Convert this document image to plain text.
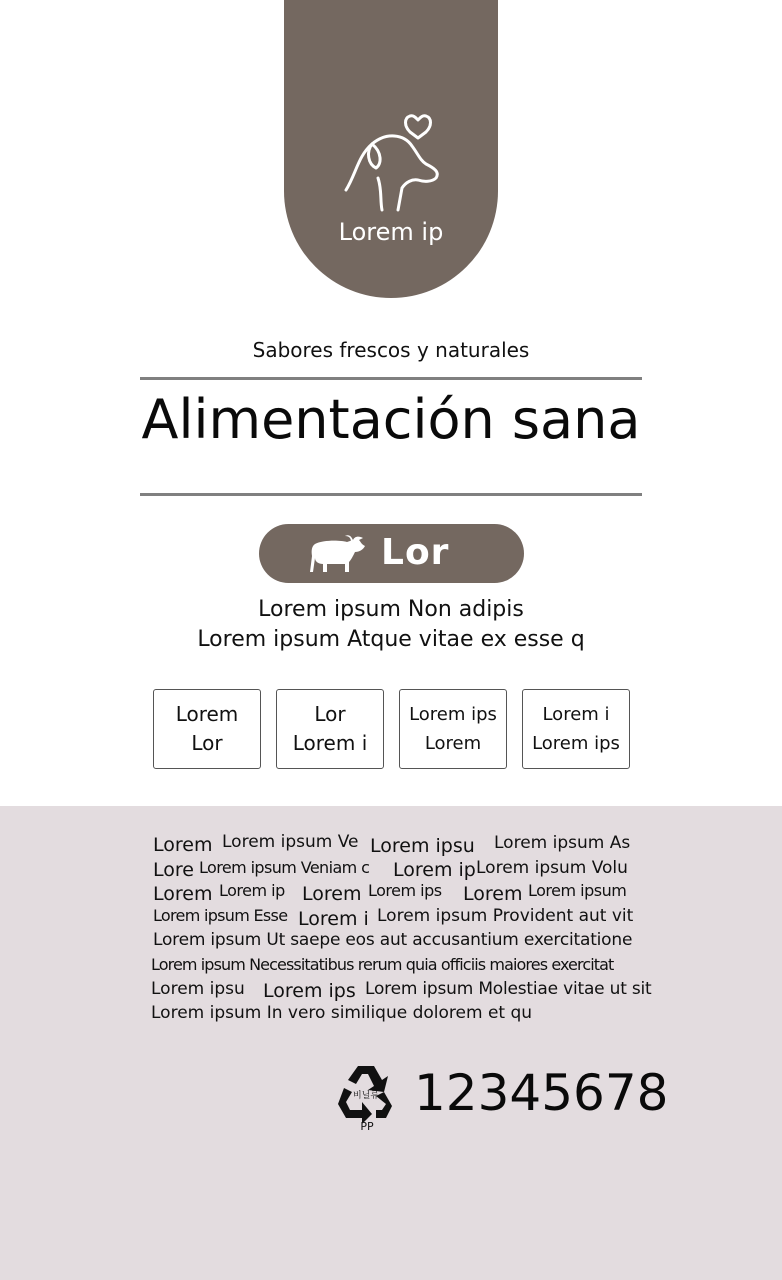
Lorem ip
Sabores frescos y naturales
Alimentación sana
Lor
Lorem ipsum Non adipis
Lorem ipsum Atque vitae ex esse q
Lorem
Lor
Lor
Lorem i
Lorem ips
Lorem
Lorem i
Lorem ips
Lorem Lorem ipsum Ve Lorem ipsu Lorem ipsum As
Lore Lorem ipsum Veniam c Lorem ip Lorem ipsum Volu
Lorem Lorem ip Lorem Lorem ips Lorem Lorem ipsum
Lorem ipsum Esse Lorem i Lorem ipsum Provident aut vit
Lorem ipsum Ut saepe eos aut accusantium exercitatione
Lorem ipsum Necessitatibus rerum quia officiis maiores exercitat
Lorem ipsu Lorem ips Lorem ipsum Molestiae vitae ut sit
Lorem ipsum In vero similique dolorem et qu
비닐류
PP
12345678
